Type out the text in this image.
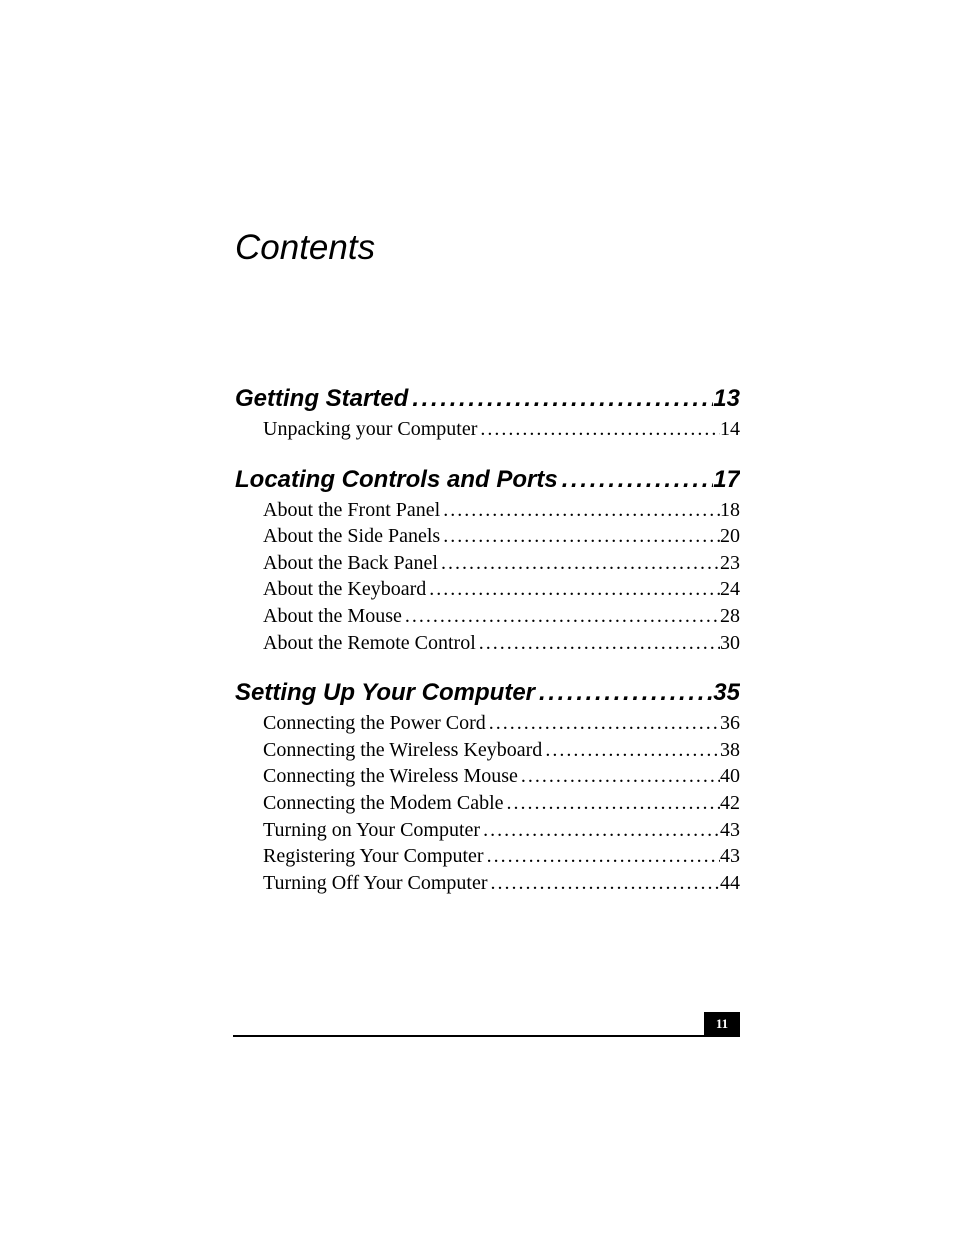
Contents
Getting Started . . .	13
Unpacking your Computer . . .	14
Locating Controls and Ports . . .	17
About the Front Panel . . .	18
About the Side Panels . . .	20
About the Back Panel . . .	23
About the Keyboard . . .	24
About the Mouse . . .	28
About the Remote Control . . .	30
Setting Up Your Computer . . .	35
Connecting the Power Cord . . .	36
Connecting the Wireless Keyboard . . .	38
Connecting the Wireless Mouse . . .	40
Connecting the Modem Cable . . .	42
Turning on Your Computer . . .	43
Registering Your Computer . . .	43
Turning Off Your Computer . . .	44
11
